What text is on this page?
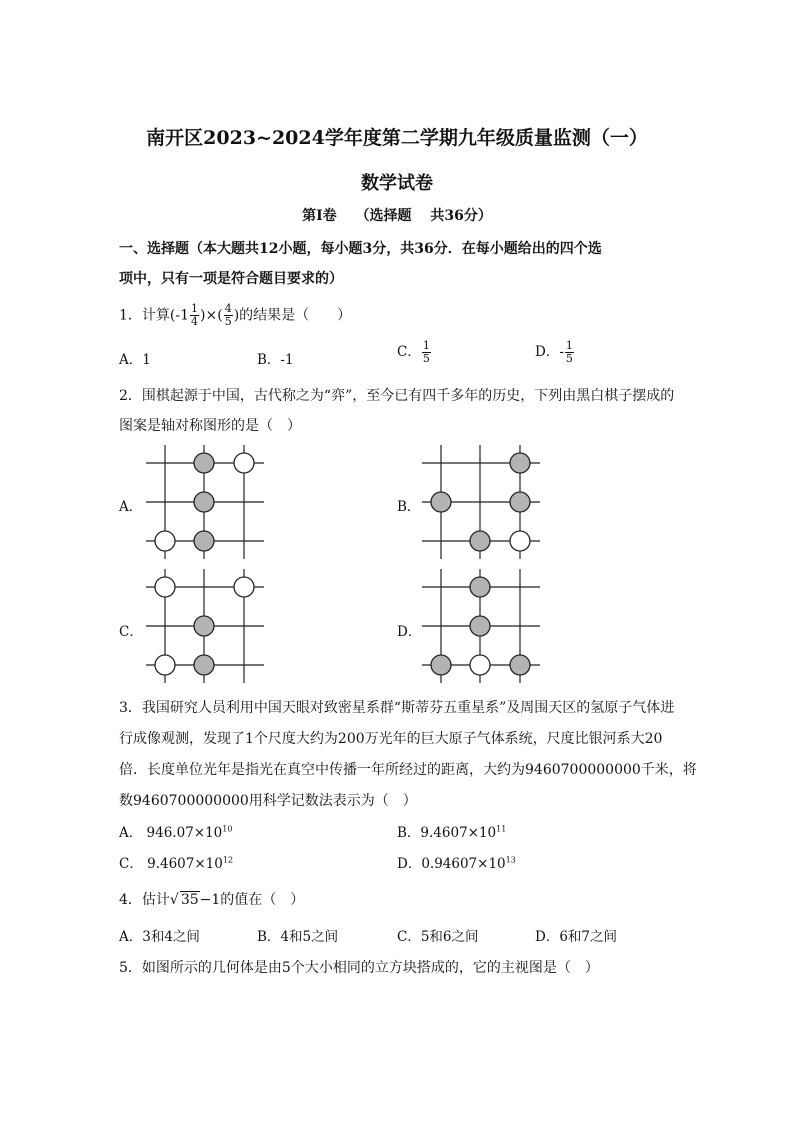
南开区2023~2024学年度第二学期九年级质量监测（一）
数学试卷
第Ⅰ卷　 （选择题　 共36分）
一、选择题（本大题共12小题，每小题3分，共36分．在每小题给出的四个选
项中，只有一项是符合题目要求的）
1．计算($-1 \frac{1}{4}$ )×( $\frac{4}{5}$ )的结果是（　　）
A．1	B．-1	C． $\frac{1}{5}$	D．- $\frac{1}{5}$
2．围棋起源于中国，古代称之为“弈”，至今已有四千多年的历史，下列由黑白棋子摆成的
图案是轴对称图形的是（　）
A．	B．
C．	D．
3．我国研究人员利用中国天眼对致密星系群“斯蒂芬五重星系”及周围天区的氢原子气体进
行成像观测，发现了1个尺度大约为200万光年的巨大原子气体系统，尺度比银河系大20
倍．长度单位光年是指光在真空中传播一年所经过的距离，大约为9460700000000千米，将
数9460700000000用科学记数法表示为（　）
A． $946.07\times 10^{10}$	B．$9.4607\times 10^{11}$
C． $9.4607\times 10^{12}$	D．$0.94607\times 10^{13}$
4．估计√ 35−1的值在（　）
A．3和4之间	B．4和5之间	C．5和6之间	D．6和7之间
5．如图所示的几何体是由5个大小相同的立方块搭成的，它的主视图是（　）
